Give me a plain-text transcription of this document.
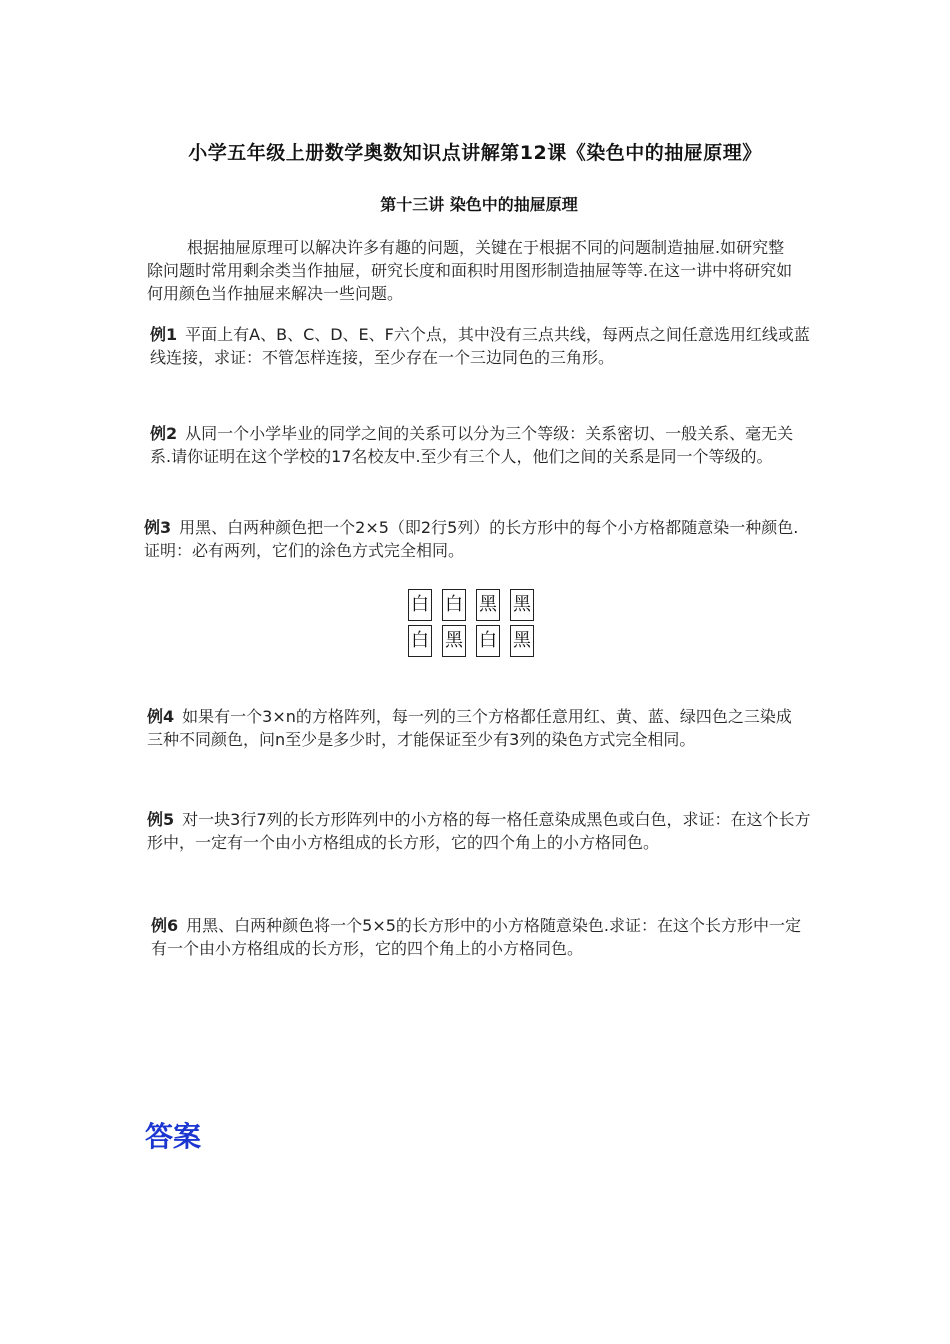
小学五年级上册数学奥数知识点讲解第12课《染色中的抽屉原理》
第十三讲 染色中的抽屉原理
根据抽屉原理可以解决许多有趣的问题，关键在于根据不同的问题制造抽屉.如研究整除问题时常用剩余类当作抽屉，研究长度和面积时用图形制造抽屉等等.在这一讲中将研究如何用颜色当作抽屉来解决一些问题。
例1 平面上有A、B、C、D、E、F六个点，其中没有三点共线，每两点之间任意选用红线或蓝线连接，求证：不管怎样连接，至少存在一个三边同色的三角形。
例2 从同一个小学毕业的同学之间的关系可以分为三个等级：关系密切、一般关系、毫无关系.请你证明在这个学校的17名校友中.至少有三个人，他们之间的关系是同一个等级的。
例3 用黑、白两种颜色把一个2×5（即2行5列）的长方形中的每个小方格都随意染一种颜色.证明：必有两列，它们的涂色方式完全相同。
白 白 黑 黑
白 黑 白 黑
例4 如果有一个3×n的方格阵列，每一列的三个方格都任意用红、黄、蓝、绿四色之三染成三种不同颜色，问n至少是多少时，才能保证至少有3列的染色方式完全相同。
例5 对一块3行7列的长方形阵列中的小方格的每一格任意染成黑色或白色，求证：在这个长方形中，一定有一个由小方格组成的长方形，它的四个角上的小方格同色。
例6 用黑、白两种颜色将一个5×5的长方形中的小方格随意染色.求证：在这个长方形中一定有一个由小方格组成的长方形，它的四个角上的小方格同色。
答案
